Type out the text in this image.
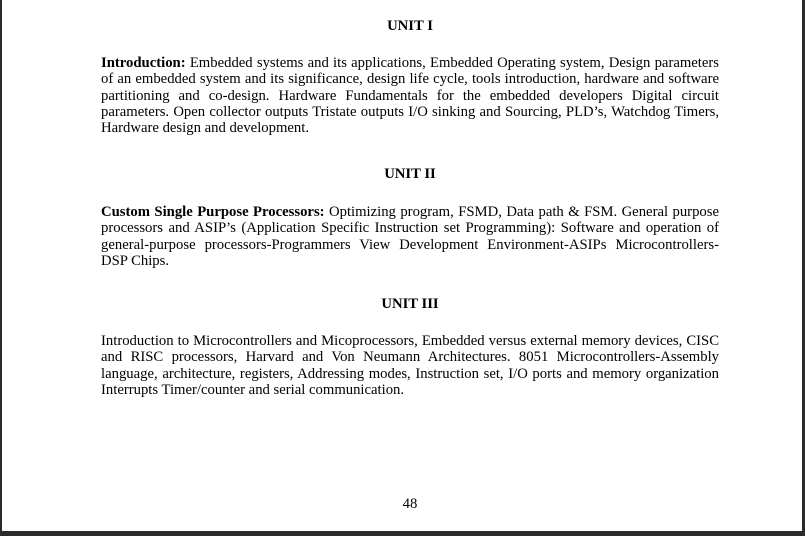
UNIT I

Introduction: Embedded systems and its applications, Embedded Operating system, Design parameters of an embedded system and its significance, design life cycle, tools introduction, hardware and software partitioning and co-design. Hardware Fundamentals for the embedded developers Digital circuit parameters. Open collector outputs Tristate outputs I/O sinking and Sourcing, PLD’s, Watchdog Timers, Hardware design and development.

UNIT II

Custom Single Purpose Processors: Optimizing program, FSMD, Data path & FSM. General purpose processors and ASIP’s (Application Specific Instruction set Programming): Software and operation of general-purpose processors-Programmers View Development Environment-ASIPs Microcontrollers- DSP Chips.

UNIT III

Introduction to Microcontrollers and Micoprocessors, Embedded versus external memory devices, CISC and RISC processors, Harvard and Von Neumann Architectures. 8051 Microcontrollers-Assembly language, architecture, registers, Addressing modes, Instruction set, I/O ports and memory organization Interrupts Timer/counter and serial communication.

48
